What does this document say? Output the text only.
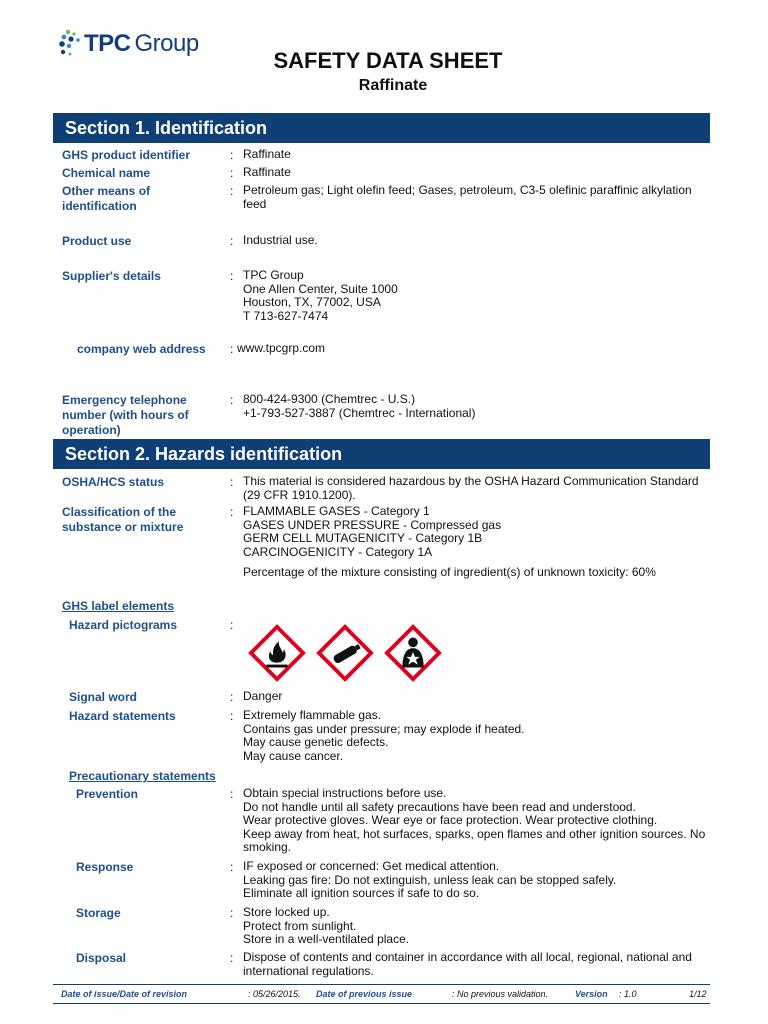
TPC Group
SAFETY DATA SHEET
Raffinate
Section 1. Identification
GHS product identifier	: Raffinate
Chemical name	: Raffinate
Other means of
identification
: Petroleum gas; Light olefin feed; Gases, petroleum, C3-5 olefinic paraffinic alkylation feed
Product use	: Industrial use.
Supplier's details	: TPC Group
One Allen Center, Suite 1000
Houston, TX, 77002, USA
T 713-627-7474
company web address : www.tpcgrp.com
Emergency telephone
number (with hours of
operation)
: 800-424-9300 (Chemtrec - U.S.)
+1-793-527-3887 (Chemtrec - International)
Section 2. Hazards identification
OSHA/HCS status	: This material is considered hazardous by the OSHA Hazard Communication Standard (29 CFR 1910.1200).
Classification of the
substance or mixture
: FLAMMABLE GASES - Category 1
GASES UNDER PRESSURE - Compressed gas
GERM CELL MUTAGENICITY - Category 1B
CARCINOGENICITY - Category 1A
Percentage of the mixture consisting of ingredient(s) of unknown toxicity: 60%
GHS label elements
Hazard pictograms	:
Signal word	: Danger
Hazard statements	: Extremely flammable gas.
Contains gas under pressure; may explode if heated.
May cause genetic defects.
May cause cancer.
Precautionary statements
Prevention	: Obtain special instructions before use.
Do not handle until all safety precautions have been read and understood.
Wear protective gloves. Wear eye or face protection. Wear protective clothing.
Keep away from heat, hot surfaces, sparks, open flames and other ignition sources. No
smoking.
Response	: IF exposed or concerned: Get medical attention.
Leaking gas fire: Do not extinguish, unless leak can be stopped safely.
Eliminate all ignition sources if safe to do so.
Storage	: Store locked up.
Protect from sunlight.
Store in a well-ventilated place.
Disposal	: Dispose of contents and container in accordance with all local, regional, national and
international regulations.
Date of issue/Date of revision	: 05/26/2015. Date of previous issue	: No previous validation.	Version : 1.0	1/12
